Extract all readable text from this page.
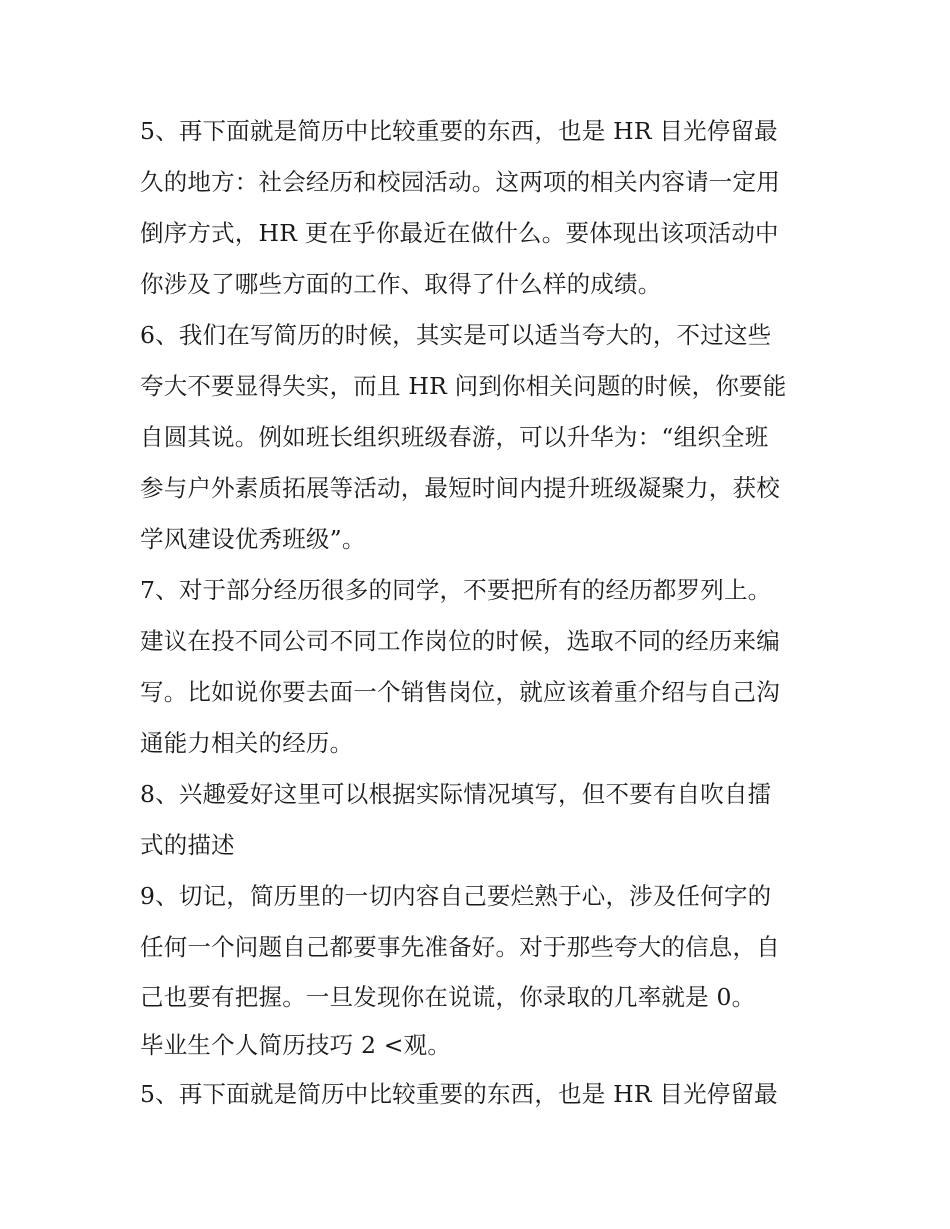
5、再下面就是简历中比较重要的东西，也是 HR 目光停留最
久的地方：社会经历和校园活动。这两项的相关内容请一定用
倒序方式，HR 更在乎你最近在做什么。要体现出该项活动中
你涉及了哪些方面的工作、取得了什么样的成绩。
6、我们在写简历的时候，其实是可以适当夸大的，不过这些
夸大不要显得失实，而且 HR 问到你相关问题的时候，你要能
自圆其说。例如班长组织班级春游，可以升华为：“组织全班
参与户外素质拓展等活动，最短时间内提升班级凝聚力，获校
学风建设优秀班级”。
7、对于部分经历很多的同学，不要把所有的经历都罗列上。
建议在投不同公司不同工作岗位的时候，选取不同的经历来编
写。比如说你要去面一个销售岗位，就应该着重介绍与自己沟
通能力相关的经历。
8、兴趣爱好这里可以根据实际情况填写，但不要有自吹自擂
式的描述
9、切记，简历里的一切内容自己要烂熟于心，涉及任何字的
任何一个问题自己都要事先准备好。对于那些夸大的信息，自
己也要有把握。一旦发现你在说谎，你录取的几率就是 0。
毕业生个人简历技巧 2 <观。
5、再下面就是简历中比较重要的东西，也是 HR 目光停留最
